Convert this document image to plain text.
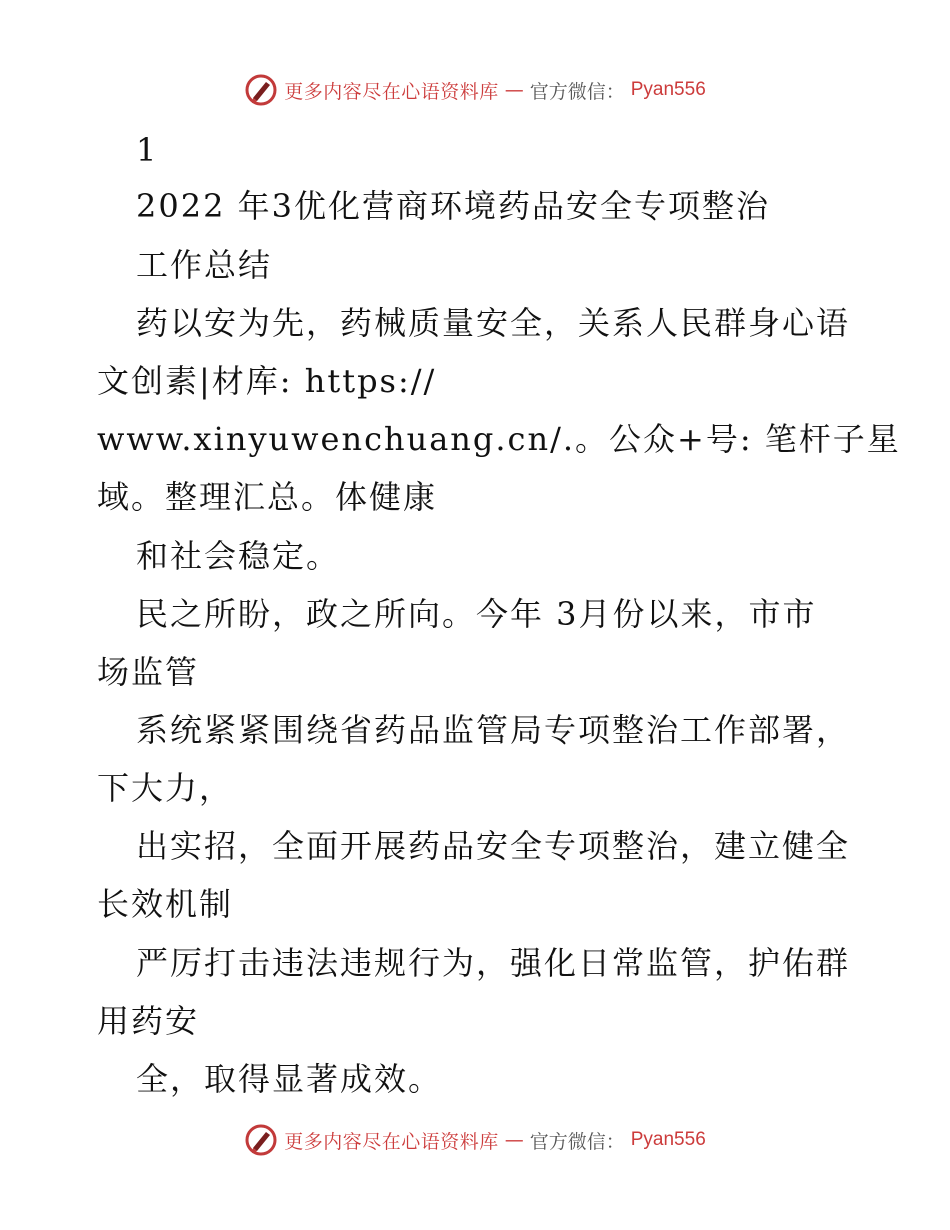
更多内容尽在心语资料库 — 官方微信： Pyan556
1
2022 年3优化营商环境药品安全专项整治
工作总结
药以安为先，药械质量安全，关系人民群身心语
文创素|材库: https://
www.xinyuwenchuang.cn/.。公众+号: 笔杆子星
域。整理汇总。体健康
和社会稳定。
民之所盼，政之所向。今年 3月份以来，市市
场监管
系统紧紧围绕省药品监管局专项整治工作部署，
下大力，
出实招，全面开展药品安全专项整治，建立健全
长效机制
严厉打击违法违规行为，强化日常监管，护佑群
用药安
全，取得显著成效。
更多内容尽在心语资料库 — 官方微信： Pyan556
